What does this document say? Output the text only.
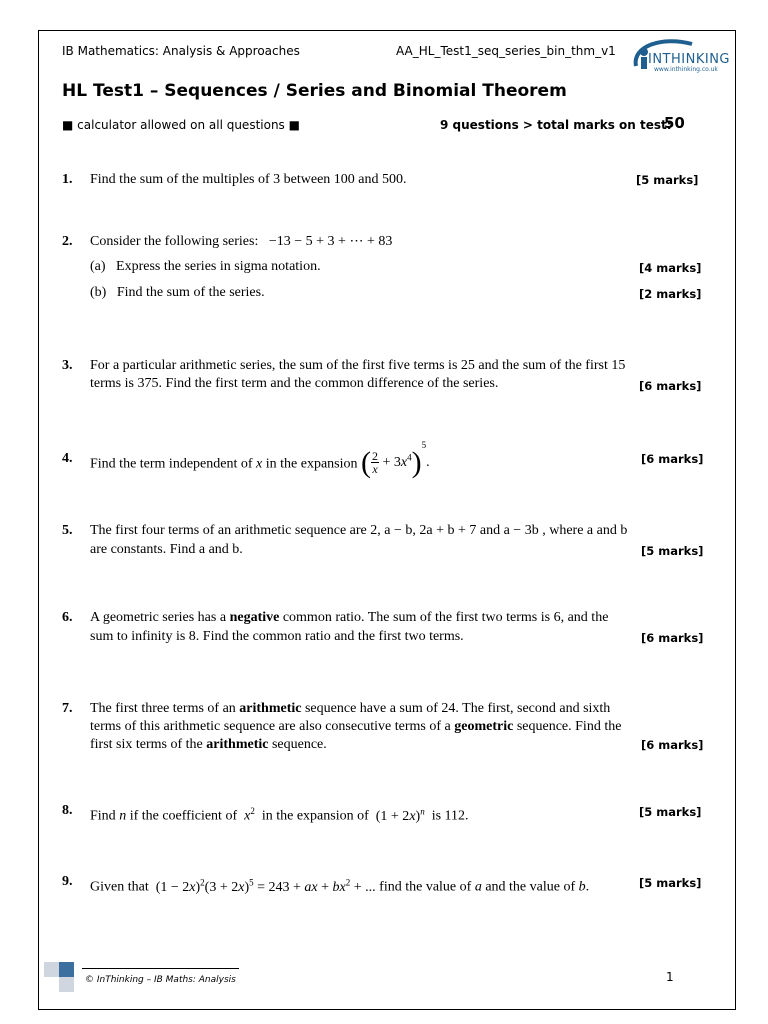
IB Mathematics: Analysis & Approaches	AA_HL_Test1_seq_series_bin_thm_v1
INTHINKING
www.inthinking.co.uk
HL Test1 – Sequences / Series and Binomial Theorem
■ calculator allowed on all questions ■	9 questions > total marks on test:
50
1. Find the sum of the multiples of 3 between 100 and 500.	[5 marks]
2. Consider the following series: −13 − 5 + 3 + ⋯ + 83
(a) Express the series in sigma notation.	[4 marks]
(b) Find the sum of the series.	[2 marks]
3. For a particular arithmetic series, the sum of the first five terms is 25 and the sum of the first 15
terms is 375. Find the first term and the common difference of the series.	[6 marks]
4. Find the term independent of x in the expansion ( $\frac{2}{x} + 3x^4)^5$.	[6 marks]
5. The first four terms of an arithmetic sequence are 2, a − b, 2a + b + 7 and a − 3b , where a and b
are constants. Find a and b.	[5 marks]
6. A geometric series has a negative common ratio. The sum of the first two terms is 6, and the
sum to infinity is 8. Find the common ratio and the first two terms.	[6 marks]
7. The first three terms of an arithmetic sequence have a sum of 24. The first, second and sixth
terms of this arithmetic sequence are also consecutive terms of a geometric sequence. Find the
first six terms of the arithmetic sequence.	[6 marks]
8. Find n if the coefficient of $x^2$ in the expansion of $(1 + 2x)^n$ is 112.	[5 marks]
9. Given that $(1 - 2x)^2(3 + 2x)^5 = 243$ + ax + $bx^2$ + ... find the value of a and the value of b.	[5 marks]
© InThinking – IB Maths: Analysis	1
